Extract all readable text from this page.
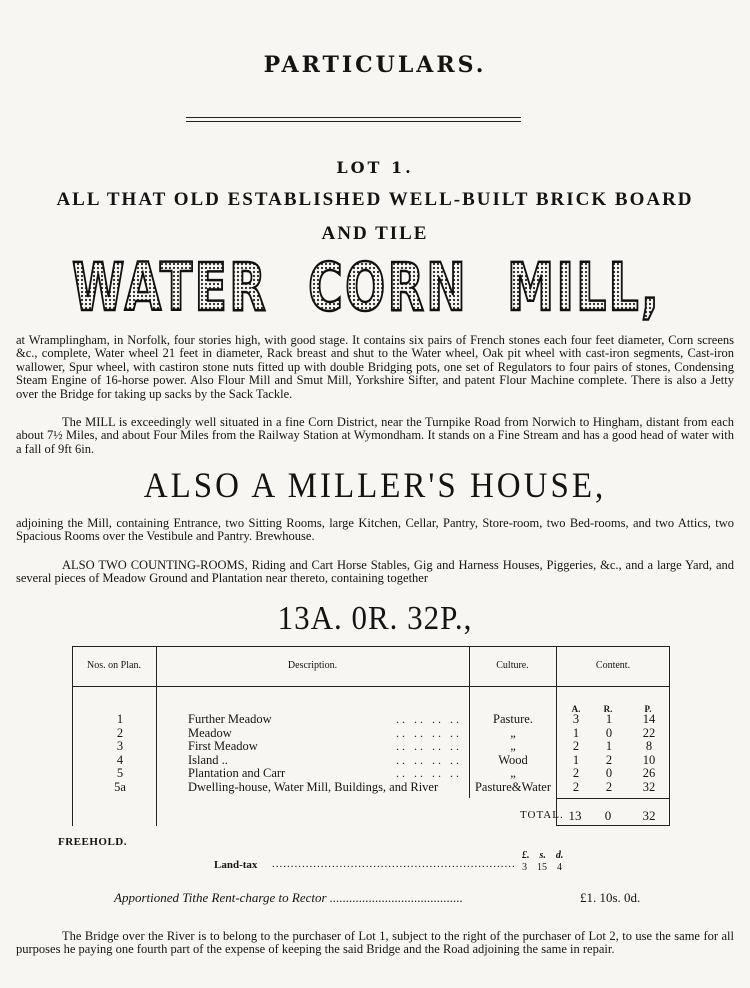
PARTICULARS.
LOT 1.
ALL THAT OLD ESTABLISHED WELL-BUILT BRICK BOARD
AND TILE
WATER CORN MILL,
at Wramplingham, in Norfolk, four stories high, with good stage. It contains six pairs of French stones each four feet diameter, Corn screens &c., complete, Water wheel 21 feet in diameter, Rack breast and shut to the Water wheel, Oak pit wheel with cast-iron segments, Cast-iron wallower, Spur wheel, with castiron stone nuts fitted up with double Bridging pots, one set of Regulators to four pairs of stones, Condensing Steam Engine of 16-horse power. Also Flour Mill and Smut Mill, Yorkshire Sifter, and patent Flour Machine complete. There is also a Jetty over the Bridge for taking up sacks by the Sack Tackle.
The MILL is exceedingly well situated in a fine Corn District, near the Turnpike Road from Norwich to Hingham, distant from each about 7½ Miles, and about Four Miles from the Railway Station at Wymondham. It stands on a Fine Stream and has a good head of water with a fall of 9ft 6in.
ALSO A MILLER'S HOUSE,
adjoining the Mill, containing Entrance, two Sitting Rooms, large Kitchen, Cellar, Pantry, Store-room, two Bed-rooms, and two Attics, two Spacious Rooms over the Vestibule and Pantry. Brewhouse.
ALSO TWO COUNTING-ROOMS, Riding and Cart Horse Stables, Gig and Harness Houses, Piggeries, &c., and a large Yard, and several pieces of Meadow Ground and Plantation near thereto, containing together
13A. 0R. 32P.,
Nos. on Plan.	Description.	Culture.	Content.
A.	R.	P.
1	Further Meadow	.. .. .. ..	Pasture.	3	1	14
2	Meadow	.. .. .. ..	„	1	0	22
3	First Meadow	.. .. .. ..	„	2	1	8
4	Island ..	.. .. .. ..	Wood	1	2	10
5	Plantation and Carr	.. .. .. ..	„	2	0	26
5a	Dwelling-house, Water Mill, Buildings, and River	Pasture&Water	2	2	32
TOTAL. 13	0	32
FREEHOLD.
£. s. d.
Land-tax ................................................................. 3 15 4
Apportioned Tithe Rent-charge to Rector .........................................	£1. 10s. 0d.
The Bridge over the River is to belong to the purchaser of Lot 1, subject to the right of the purchaser of Lot 2, to use the same for all purposes he paying one fourth part of the expense of keeping the said Bridge and the Road adjoining the same in repair.
